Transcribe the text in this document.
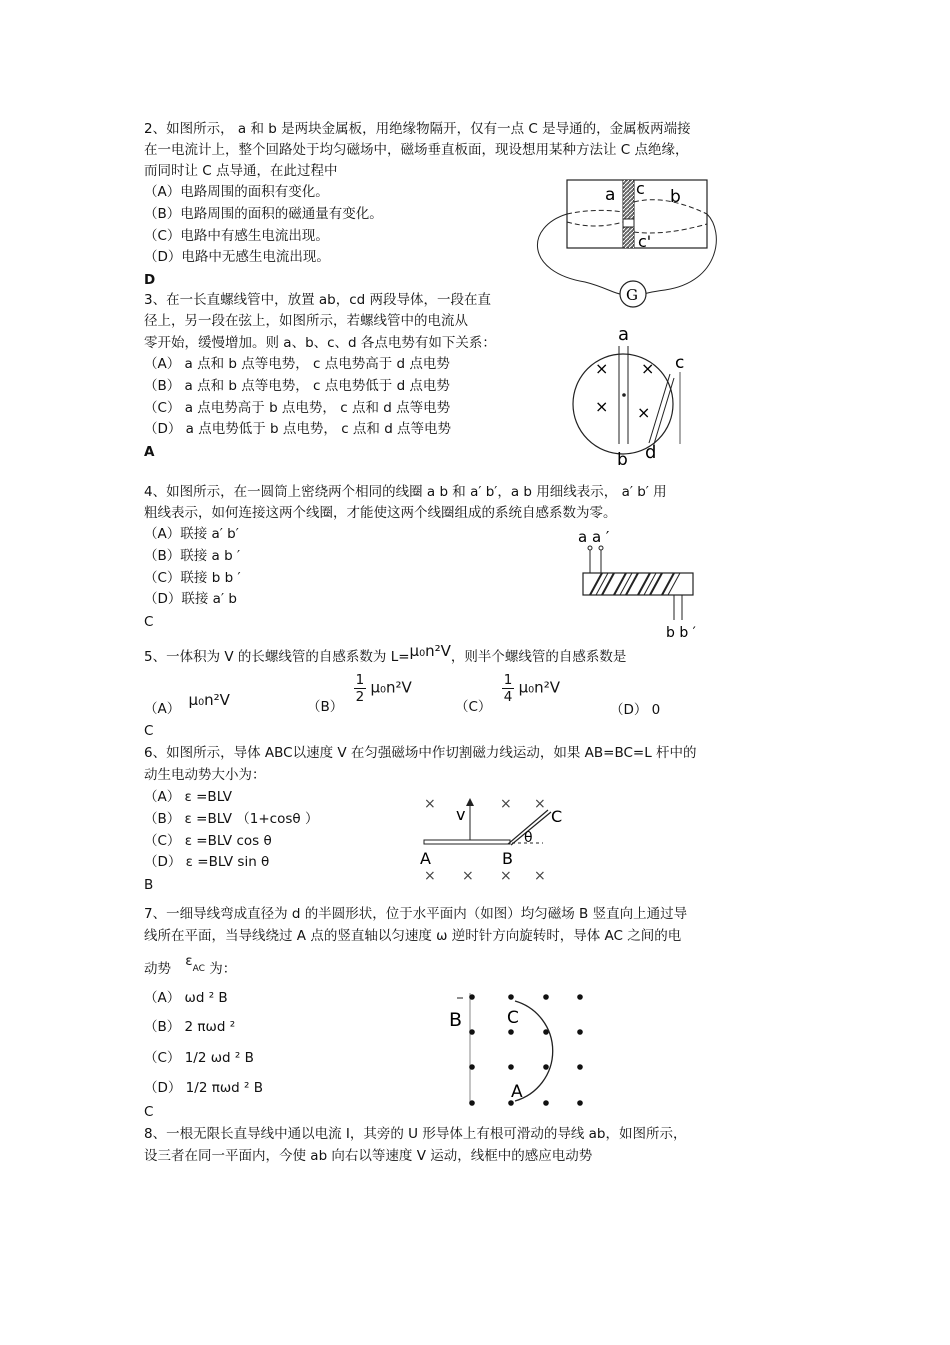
2、如图所示， a 和 b 是两块金属板，用绝缘物隔开，仅有一点 C 是导通的，金属板两端接
在一电流计上，整个回路处于均匀磁场中，磁场垂直板面，现设想用某种方法让 C 点绝缘，
而同时让 C 点导通，在此过程中
（A）电路周围的面积有变化。
（B）电路周围的面积的磁通量有变化。
（C）电路中有感生电流出现。
（D）电路中无感生电流出现。
D
G
a c b
c'
3、在一长直螺线管中，放置 ab，cd 两段导体，一段在直
径上，另一段在弦上，如图所示，若螺线管中的电流从
零开始，缓慢增加。则 a、b、c、d 各点电势有如下关系：
（A） a 点和 b 点等电势， c 点电势高于 d 点电势
（B） a 点和 b 点等电势， c 点电势低于 d 点电势
（C） a 点电势高于 b 点电势， c 点和 d 点等电势
（D） a 点电势低于 b 点电势， c 点和 d 点等电势
A
a
× ×
× ×
c
b d
4、如图所示，在一圆筒上密绕两个相同的线圈 a b 和 a′ b′，a b 用细线表示， a′ b′ 用
粗线表示，如何连接这两个线圈，才能使这两个线圈组成的系统自感系数为零。
（A）联接 a′ b′
（B）联接 a b ′
（C）联接 b b ′
（D）联接 a′ b
C
a a ′
b b ′
5、一体积为 V 的长螺线管的自感系数为 L=μ₀n²V，则半个螺线管的自感系数是
（A） μ₀n²V	（B）
$\frac{1}{2} \mu_0n^2V$
（C）
$\frac{1}{4} \mu_0n^2V$
（D） 0
C
6、如图所示，导体 ABC以速度 V 在匀强磁场中作切割磁力线运动，如果 AB=BC=L 杆中的
动生电动势大小为：
（A） ε =BLV
（B） ε =BLV （1+cosθ ）
（C） ε =BLV cos θ
（D） ε =BLV sin θ
B
×	× ×
× × × ×
v
θ
C
A	B
7、一细导线弯成直径为 d 的半圆形状，位于水平面内（如图）均匀磁场 B 竖直向上通过导
线所在平面，当导线绕过 A 点的竖直轴以匀速度 ω 逆时针方向旋转时，导体 AC 之间的电
动势 $\varepsilon_{AC}$ 为：
（A） ωd ² B
（B） 2 πωd ²
（C） 1/2 ωd ² B
（D） 1/2 πωd ² B
C
B	C
A
8、一根无限长直导线中通以电流 I，其旁的 U 形导体上有根可滑动的导线 ab，如图所示，
设三者在同一平面内，今使 ab 向右以等速度 V 运动，线框中的感应电动势
